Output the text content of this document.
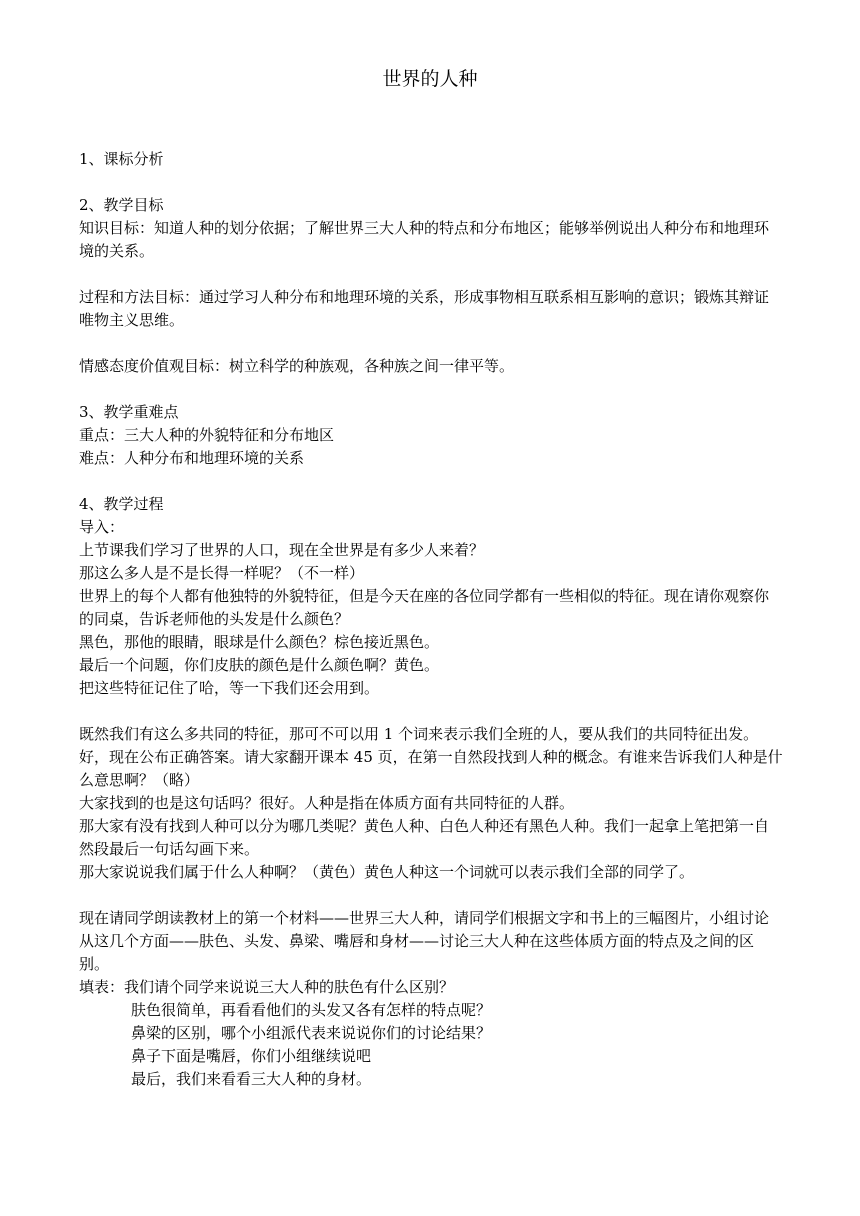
世界的人种

1、课标分析

2、教学目标

知识目标：知道人种的划分依据；了解世界三大人种的特点和分布地区；能够举例说出人种分布和地理环境的关系。

过程和方法目标：通过学习人种分布和地理环境的关系，形成事物相互联系相互影响的意识；锻炼其辩证唯物主义思维。

情感态度价值观目标：树立科学的种族观，各种族之间一律平等。

3、教学重难点

重点：三大人种的外貌特征和分布地区

难点：人种分布和地理环境的关系

4、教学过程

导入：

上节课我们学习了世界的人口，现在全世界是有多少人来着？

那这么多人是不是长得一样呢？（不一样）

世界上的每个人都有他独特的外貌特征，但是今天在座的各位同学都有一些相似的特征。现在请你观察你的同桌，告诉老师他的头发是什么颜色？

黑色，那他的眼睛，眼球是什么颜色？棕色接近黑色。

最后一个问题，你们皮肤的颜色是什么颜色啊？黄色。

把这些特征记住了哈，等一下我们还会用到。

既然我们有这么多共同的特征，那可不可以用 1 个词来表示我们全班的人，要从我们的共同特征出发。

好，现在公布正确答案。请大家翻开课本 45 页，在第一自然段找到人种的概念。有谁来告诉我们人种是什么意思啊？（略）

大家找到的也是这句话吗？很好。人种是指在体质方面有共同特征的人群。

那大家有没有找到人种可以分为哪几类呢？黄色人种、白色人种还有黑色人种。我们一起拿上笔把第一自然段最后一句话勾画下来。

那大家说说我们属于什么人种啊？（黄色）黄色人种这一个词就可以表示我们全部的同学了。

现在请同学朗读教材上的第一个材料——世界三大人种，请同学们根据文字和书上的三幅图片，小组讨论从这几个方面——肤色、头发、鼻梁、嘴唇和身材——讨论三大人种在这些体质方面的特点及之间的区别。

填表：我们请个同学来说说三大人种的肤色有什么区别？

肤色很简单，再看看他们的头发又各有怎样的特点呢？

鼻梁的区别，哪个小组派代表来说说你们的讨论结果？

鼻子下面是嘴唇，你们小组继续说吧

最后，我们来看看三大人种的身材。
